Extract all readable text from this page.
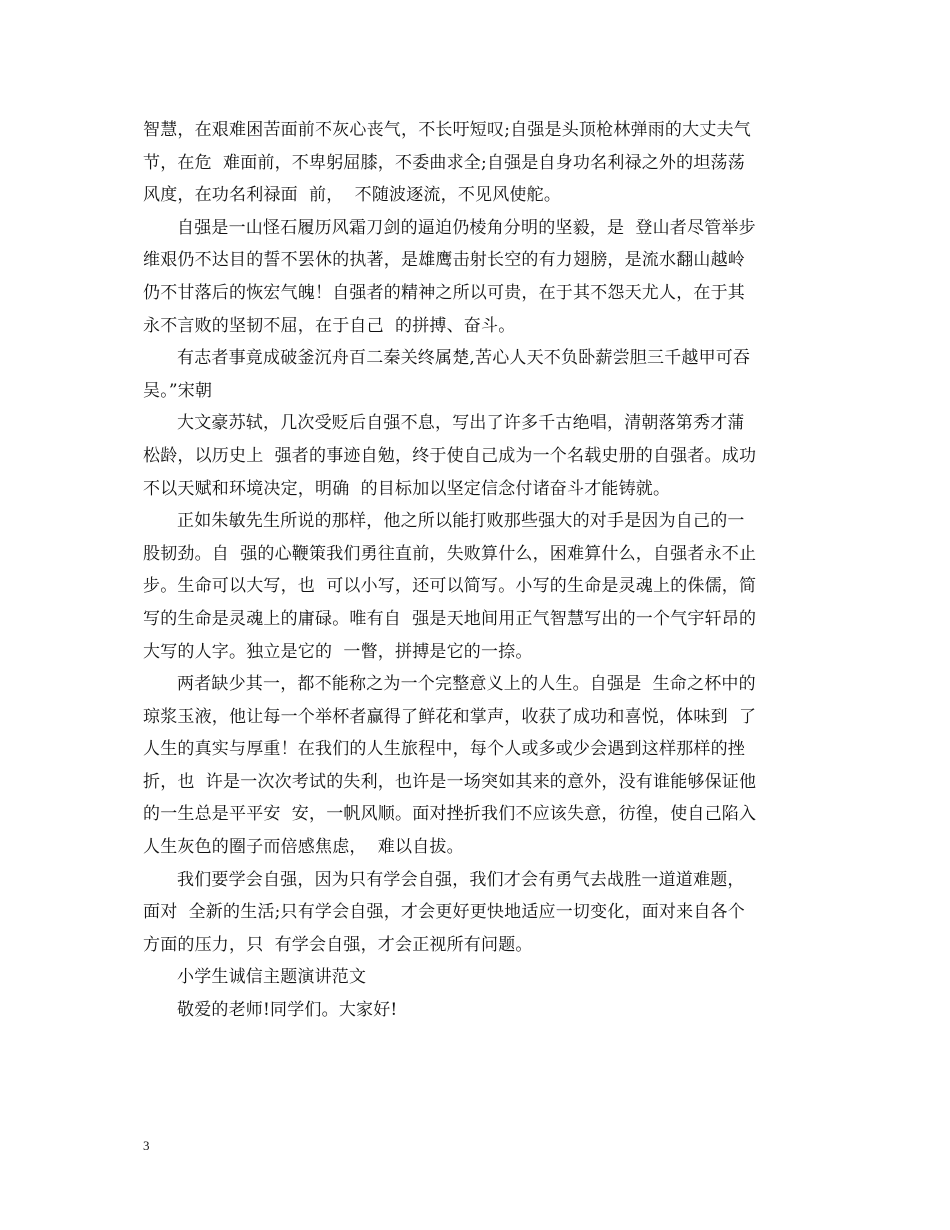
智慧，在艰难困苦面前不灰心丧气，不长吁短叹;自强是头顶枪林弹雨的大丈夫气
节，在危  难面前，不卑躬屈膝，不委曲求全;自强是自身功名利禄之外的坦荡荡
风度，在功名利禄面  前，  不随波逐流，不见风使舵。
自强是一山怪石履历风霜刀剑的逼迫仍棱角分明的坚毅，是  登山者尽管举步
维艰仍不达目的誓不罢休的执著，是雄鹰击射长空的有力翅膀，是流水翻山越岭
仍不甘落后的恢宏气魄！自强者的精神之所以可贵，在于其不怨天尤人，在于其
永不言败的坚韧不屈，在于自己  的拼搏、奋斗。
有志者事竟成破釜沉舟百二秦关终属楚,苦心人天不负卧薪尝胆三千越甲可吞
吴。”宋朝
大文豪苏轼，几次受贬后自强不息，写出了许多千古绝唱，清朝落第秀才蒲
松龄，以历史上  强者的事迹自勉，终于使自己成为一个名载史册的自强者。成功
不以天赋和环境决定，明确  的目标加以坚定信念付诸奋斗才能铸就。
正如朱敏先生所说的那样，他之所以能打败那些强大的对手是因为自己的一
股韧劲。自  强的心鞭策我们勇往直前，失败算什么，困难算什么，自强者永不止
步。生命可以大写，也  可以小写，还可以简写。小写的生命是灵魂上的侏儒，简
写的生命是灵魂上的庸碌。唯有自  强是天地间用正气智慧写出的一个气宇轩昂的
大写的人字。独立是它的  一瞥，拼搏是它的一捺。
两者缺少其一，都不能称之为一个完整意义上的人生。自强是  生命之杯中的
琼浆玉液，他让每一个举杯者赢得了鲜花和掌声，收获了成功和喜悦，体味到  了
人生的真实与厚重！在我们的人生旅程中，每个人或多或少会遇到这样那样的挫
折，也  许是一次次考试的失利，也许是一场突如其来的意外，没有谁能够保证他
的一生总是平平安  安，一帆风顺。面对挫折我们不应该失意，彷徨，使自己陷入
人生灰色的圈子而倍感焦虑，  难以自拔。
我们要学会自强，因为只有学会自强，我们才会有勇气去战胜一道道难题，
面对  全新的生活;只有学会自强，才会更好更快地适应一切变化，面对来自各个
方面的压力，只  有学会自强，才会正视所有问题。
小学生诚信主题演讲范文
敬爱的老师!同学们。大家好!
3
